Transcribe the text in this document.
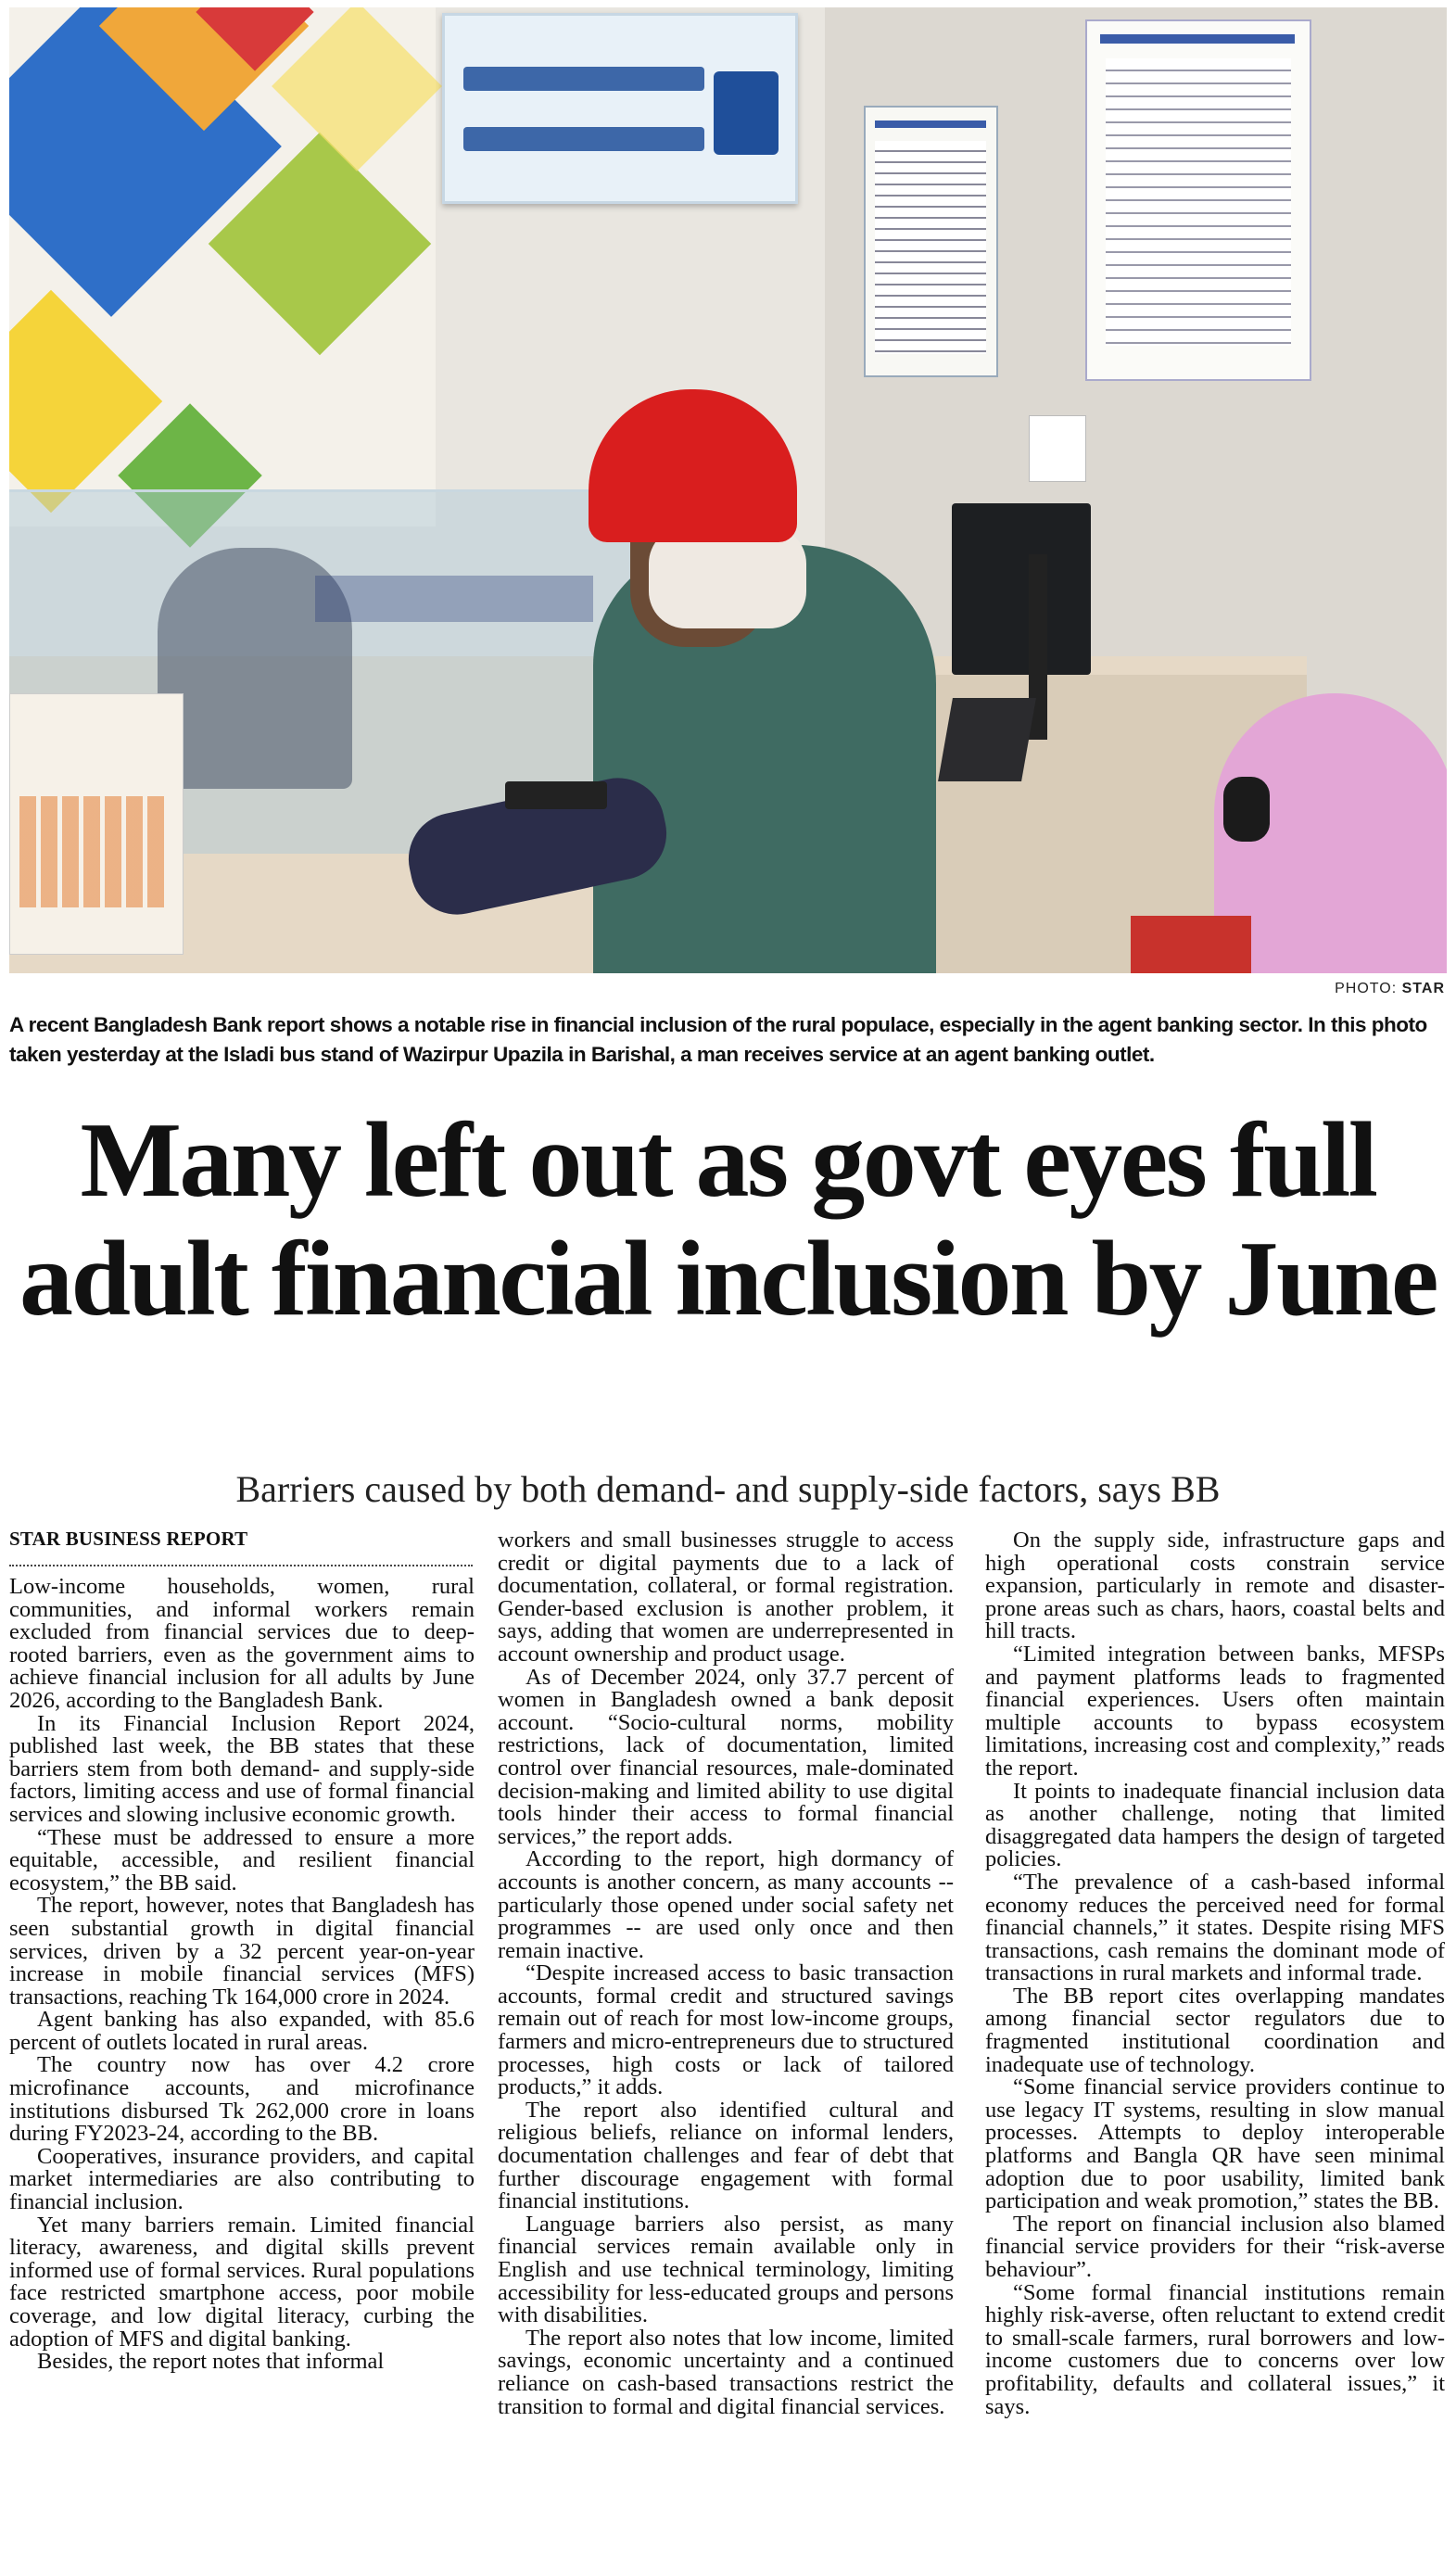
PHOTO: STAR
A recent Bangladesh Bank report shows a notable rise in financial inclusion of the rural populace, especially in the agent banking sector. In this photo taken yesterday at the Isladi bus stand of Wazirpur Upazila in Barishal, a man receives service at an agent banking outlet.
Many left out as govt eyes full adult financial inclusion by June
Barriers caused by both demand- and supply-side factors, says BB
STAR BUSINESS REPORT

Low-income households, women, rural communities, and informal workers remain excluded from financial services due to deep-rooted barriers, even as the government aims to achieve financial inclusion for all adults by June 2026, according to the Bangladesh Bank.

In its Financial Inclusion Report 2024, published last week, the BB states that these barriers stem from both demand- and supply-side factors, limiting access and use of formal financial services and slowing inclusive economic growth.

“These must be addressed to ensure a more equitable, accessible, and resilient financial ecosystem,” the BB said.

The report, however, notes that Bangladesh has seen substantial growth in digital financial services, driven by a 32 percent year-on-year increase in mobile financial services (MFS) transactions, reaching Tk 164,000 crore in 2024.

Agent banking has also expanded, with 85.6 percent of outlets located in rural areas.

The country now has over 4.2 crore microfinance accounts, and microfinance institutions disbursed Tk 262,000 crore in loans during FY2023-24, according to the BB.

Cooperatives, insurance providers, and capital market intermediaries are also contributing to financial inclusion.

Yet many barriers remain. Limited financial literacy, awareness, and digital skills prevent informed use of formal services. Rural populations face restricted smartphone access, poor mobile coverage, and low digital literacy, curbing the adoption of MFS and digital banking.

Besides, the report notes that informal

workers and small businesses struggle to access credit or digital payments due to a lack of documentation, collateral, or formal registration. Gender-based exclusion is another problem, it says, adding that women are underrepresented in account ownership and product usage.

As of December 2024, only 37.7 percent of women in Bangladesh owned a bank deposit account. “Socio-cultural norms, mobility restrictions, lack of documentation, limited control over financial resources, male-dominated decision-making and limited ability to use digital tools hinder their access to formal financial services,” the report adds.

According to the report, high dormancy of accounts is another concern, as many accounts -- particularly those opened under social safety net programmes -- are used only once and then remain inactive.

“Despite increased access to basic transaction accounts, formal credit and structured savings remain out of reach for most low-income groups, farmers and micro-entrepreneurs due to structured processes, high costs or lack of tailored products,” it adds.

The report also identified cultural and religious beliefs, reliance on informal lenders, documentation challenges and fear of debt that further discourage engagement with formal financial institutions.

Language barriers also persist, as many financial services remain available only in English and use technical terminology, limiting accessibility for less-educated groups and persons with disabilities.

The report also notes that low income, limited savings, economic uncertainty and a continued reliance on cash-based transactions restrict the transition to formal and digital financial services.

On the supply side, infrastructure gaps and high operational costs constrain service expansion, particularly in remote and disaster-prone areas such as chars, haors, coastal belts and hill tracts.

“Limited integration between banks, MFSPs and payment platforms leads to fragmented financial experiences. Users often maintain multiple accounts to bypass ecosystem limitations, increasing cost and complexity,” reads the report.

It points to inadequate financial inclusion data as another challenge, noting that limited disaggregated data hampers the design of targeted policies.

“The prevalence of a cash-based informal economy reduces the perceived need for formal financial channels,” it states. Despite rising MFS transactions, cash remains the dominant mode of transactions in rural markets and informal trade.

The BB report cites overlapping mandates among financial sector regulators due to fragmented institutional coordination and inadequate use of technology.

“Some financial service providers continue to use legacy IT systems, resulting in slow manual processes. Attempts to deploy interoperable platforms and Bangla QR have seen minimal adoption due to poor usability, limited bank participation and weak promotion,” states the BB.

The report on financial inclusion also blamed financial service providers for their “risk-averse behaviour”.

“Some formal financial institutions remain highly risk-averse, often reluctant to extend credit to small-scale farmers, rural borrowers and low-income customers due to concerns over low profitability, defaults and collateral issues,” it says.
